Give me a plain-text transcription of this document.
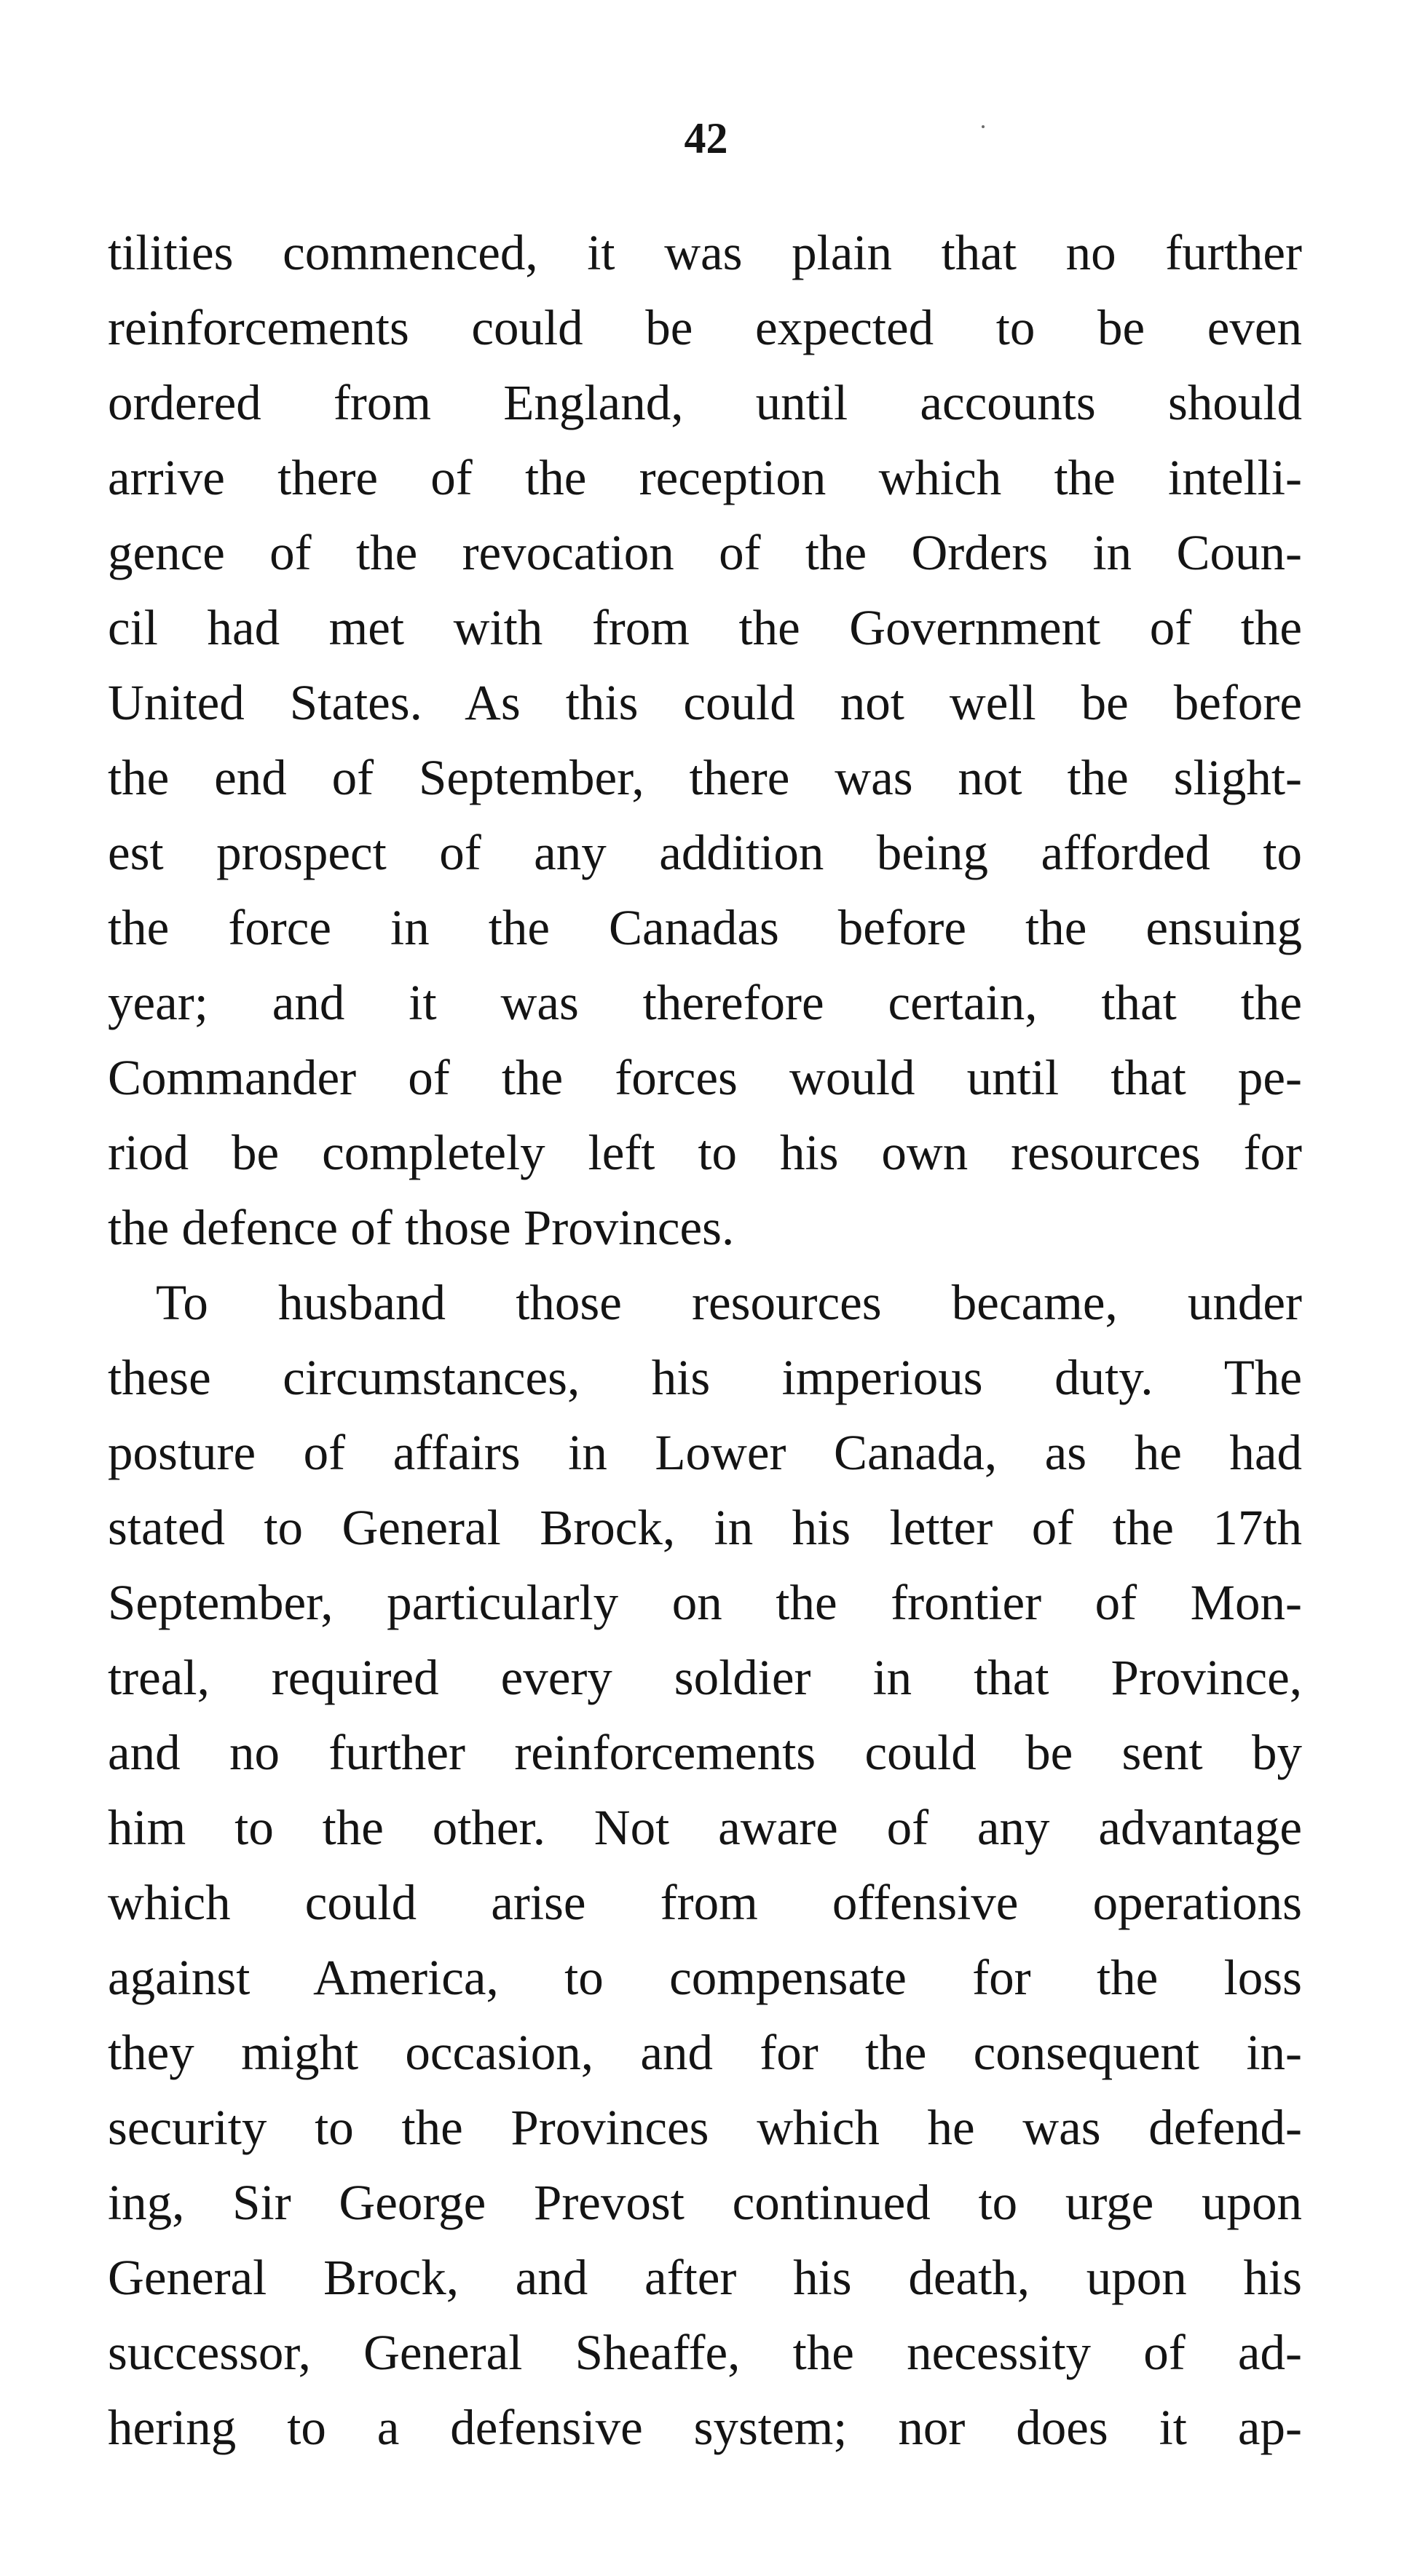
42
tilities commenced, it was plain that no further
reinforcements could be expected to be even
ordered from England, until accounts should
arrive there of the reception which the intelli-
gence of the revocation of the Orders in Coun-
cil had met with from the Government of the
United States. As this could not well be before
the end of September, there was not the slight-
est prospect of any addition being afforded to
the force in the Canadas before the ensuing
year; and it was therefore certain, that the
Commander of the forces would until that pe-
riod be completely left to his own resources for
the defence of those Provinces.
To husband those resources became, under
these circumstances, his imperious duty. The
posture of affairs in Lower Canada, as he had
stated to General Brock, in his letter of the 17th
September, particularly on the frontier of Mon-
treal, required every soldier in that Province,
and no further reinforcements could be sent by
him to the other. Not aware of any advantage
which could arise from offensive operations
against America, to compensate for the loss
they might occasion, and for the consequent in-
security to the Provinces which he was defend-
ing, Sir George Prevost continued to urge upon
General Brock, and after his death, upon his
successor, General Sheaffe, the necessity of ad-
hering to a defensive system; nor does it ap-
